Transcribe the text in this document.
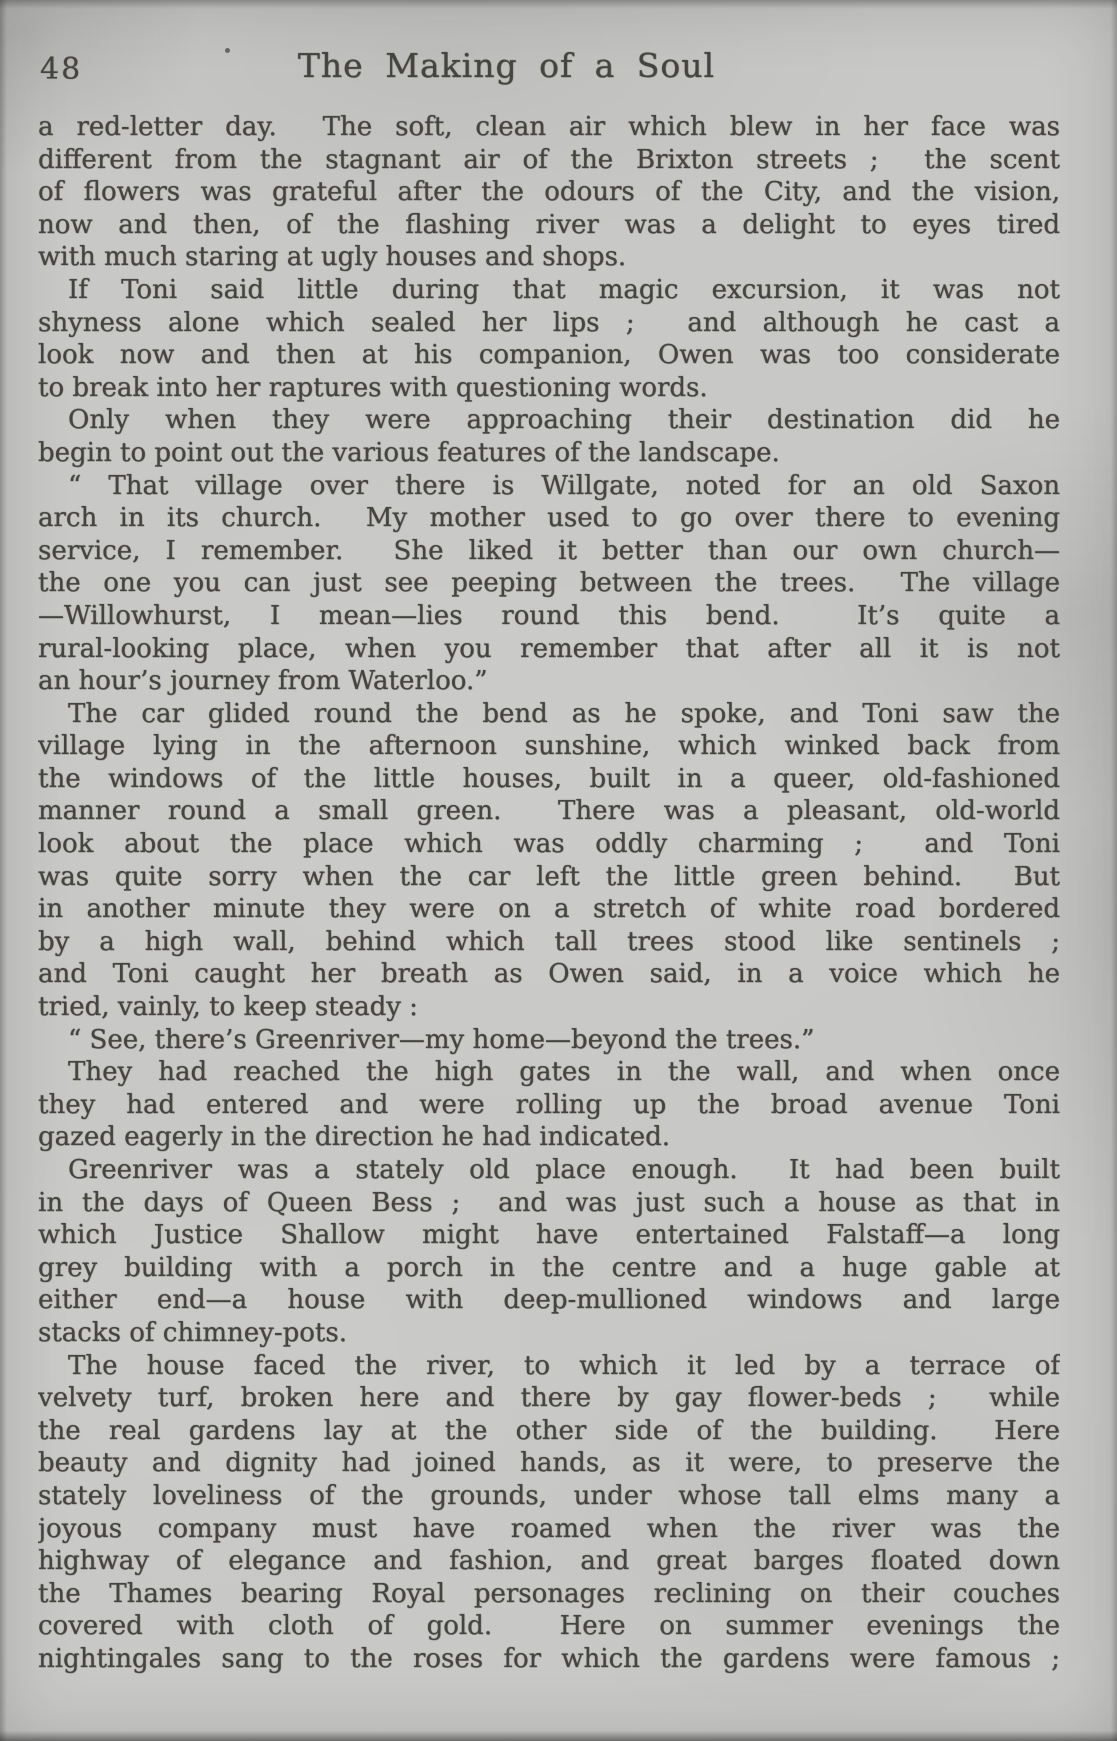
48	The Making of a Soul
a red-letter day.  The soft, clean air which blew in her face was
different from the stagnant air of the Brixton streets ;  the scent
of flowers was grateful after the odours of the City, and the vision,
now and then, of the flashing river was a delight to eyes tired
with much staring at ugly houses and shops.
If Toni said little during that magic excursion, it was not
shyness alone which sealed her lips ;  and although he cast a
look now and then at his companion, Owen was too considerate
to break into her raptures with questioning words.
Only when they were approaching their destination did he
begin to point out the various features of the landscape.
“ That village over there is Willgate, noted for an old Saxon
arch in its church.  My mother used to go over there to evening
service, I remember.  She liked it better than our own church—
the one you can just see peeping between the trees.  The village
—Willowhurst, I mean—lies round this bend.  It’s quite a
rural-looking place, when you remember that after all it is not
an hour’s journey from Waterloo.”
The car glided round the bend as he spoke, and Toni saw the
village lying in the afternoon sunshine, which winked back from
the windows of the little houses, built in a queer, old-fashioned
manner round a small green.  There was a pleasant, old-world
look about the place which was oddly charming ;  and Toni
was quite sorry when the car left the little green behind.  But
in another minute they were on a stretch of white road bordered
by a high wall, behind which tall trees stood like sentinels ;
and Toni caught her breath as Owen said, in a voice which he
tried, vainly, to keep steady :
“ See, there’s Greenriver—my home—beyond the trees.”
They had reached the high gates in the wall, and when once
they had entered and were rolling up the broad avenue Toni
gazed eagerly in the direction he had indicated.
Greenriver was a stately old place enough.  It had been built
in the days of Queen Bess ;  and was just such a house as that in
which Justice Shallow might have entertained Falstaff—a long
grey building with a porch in the centre and a huge gable at
either end—a house with deep-mullioned windows and large
stacks of chimney-pots.
The house faced the river, to which it led by a terrace of
velvety turf, broken here and there by gay flower-beds ;  while
the real gardens lay at the other side of the building.  Here
beauty and dignity had joined hands, as it were, to preserve the
stately loveliness of the grounds, under whose tall elms many a
joyous company must have roamed when the river was the
highway of elegance and fashion, and great barges floated down
the Thames bearing Royal personages reclining on their couches
covered with cloth of gold.  Here on summer evenings the
nightingales sang to the roses for which the gardens were famous ;
